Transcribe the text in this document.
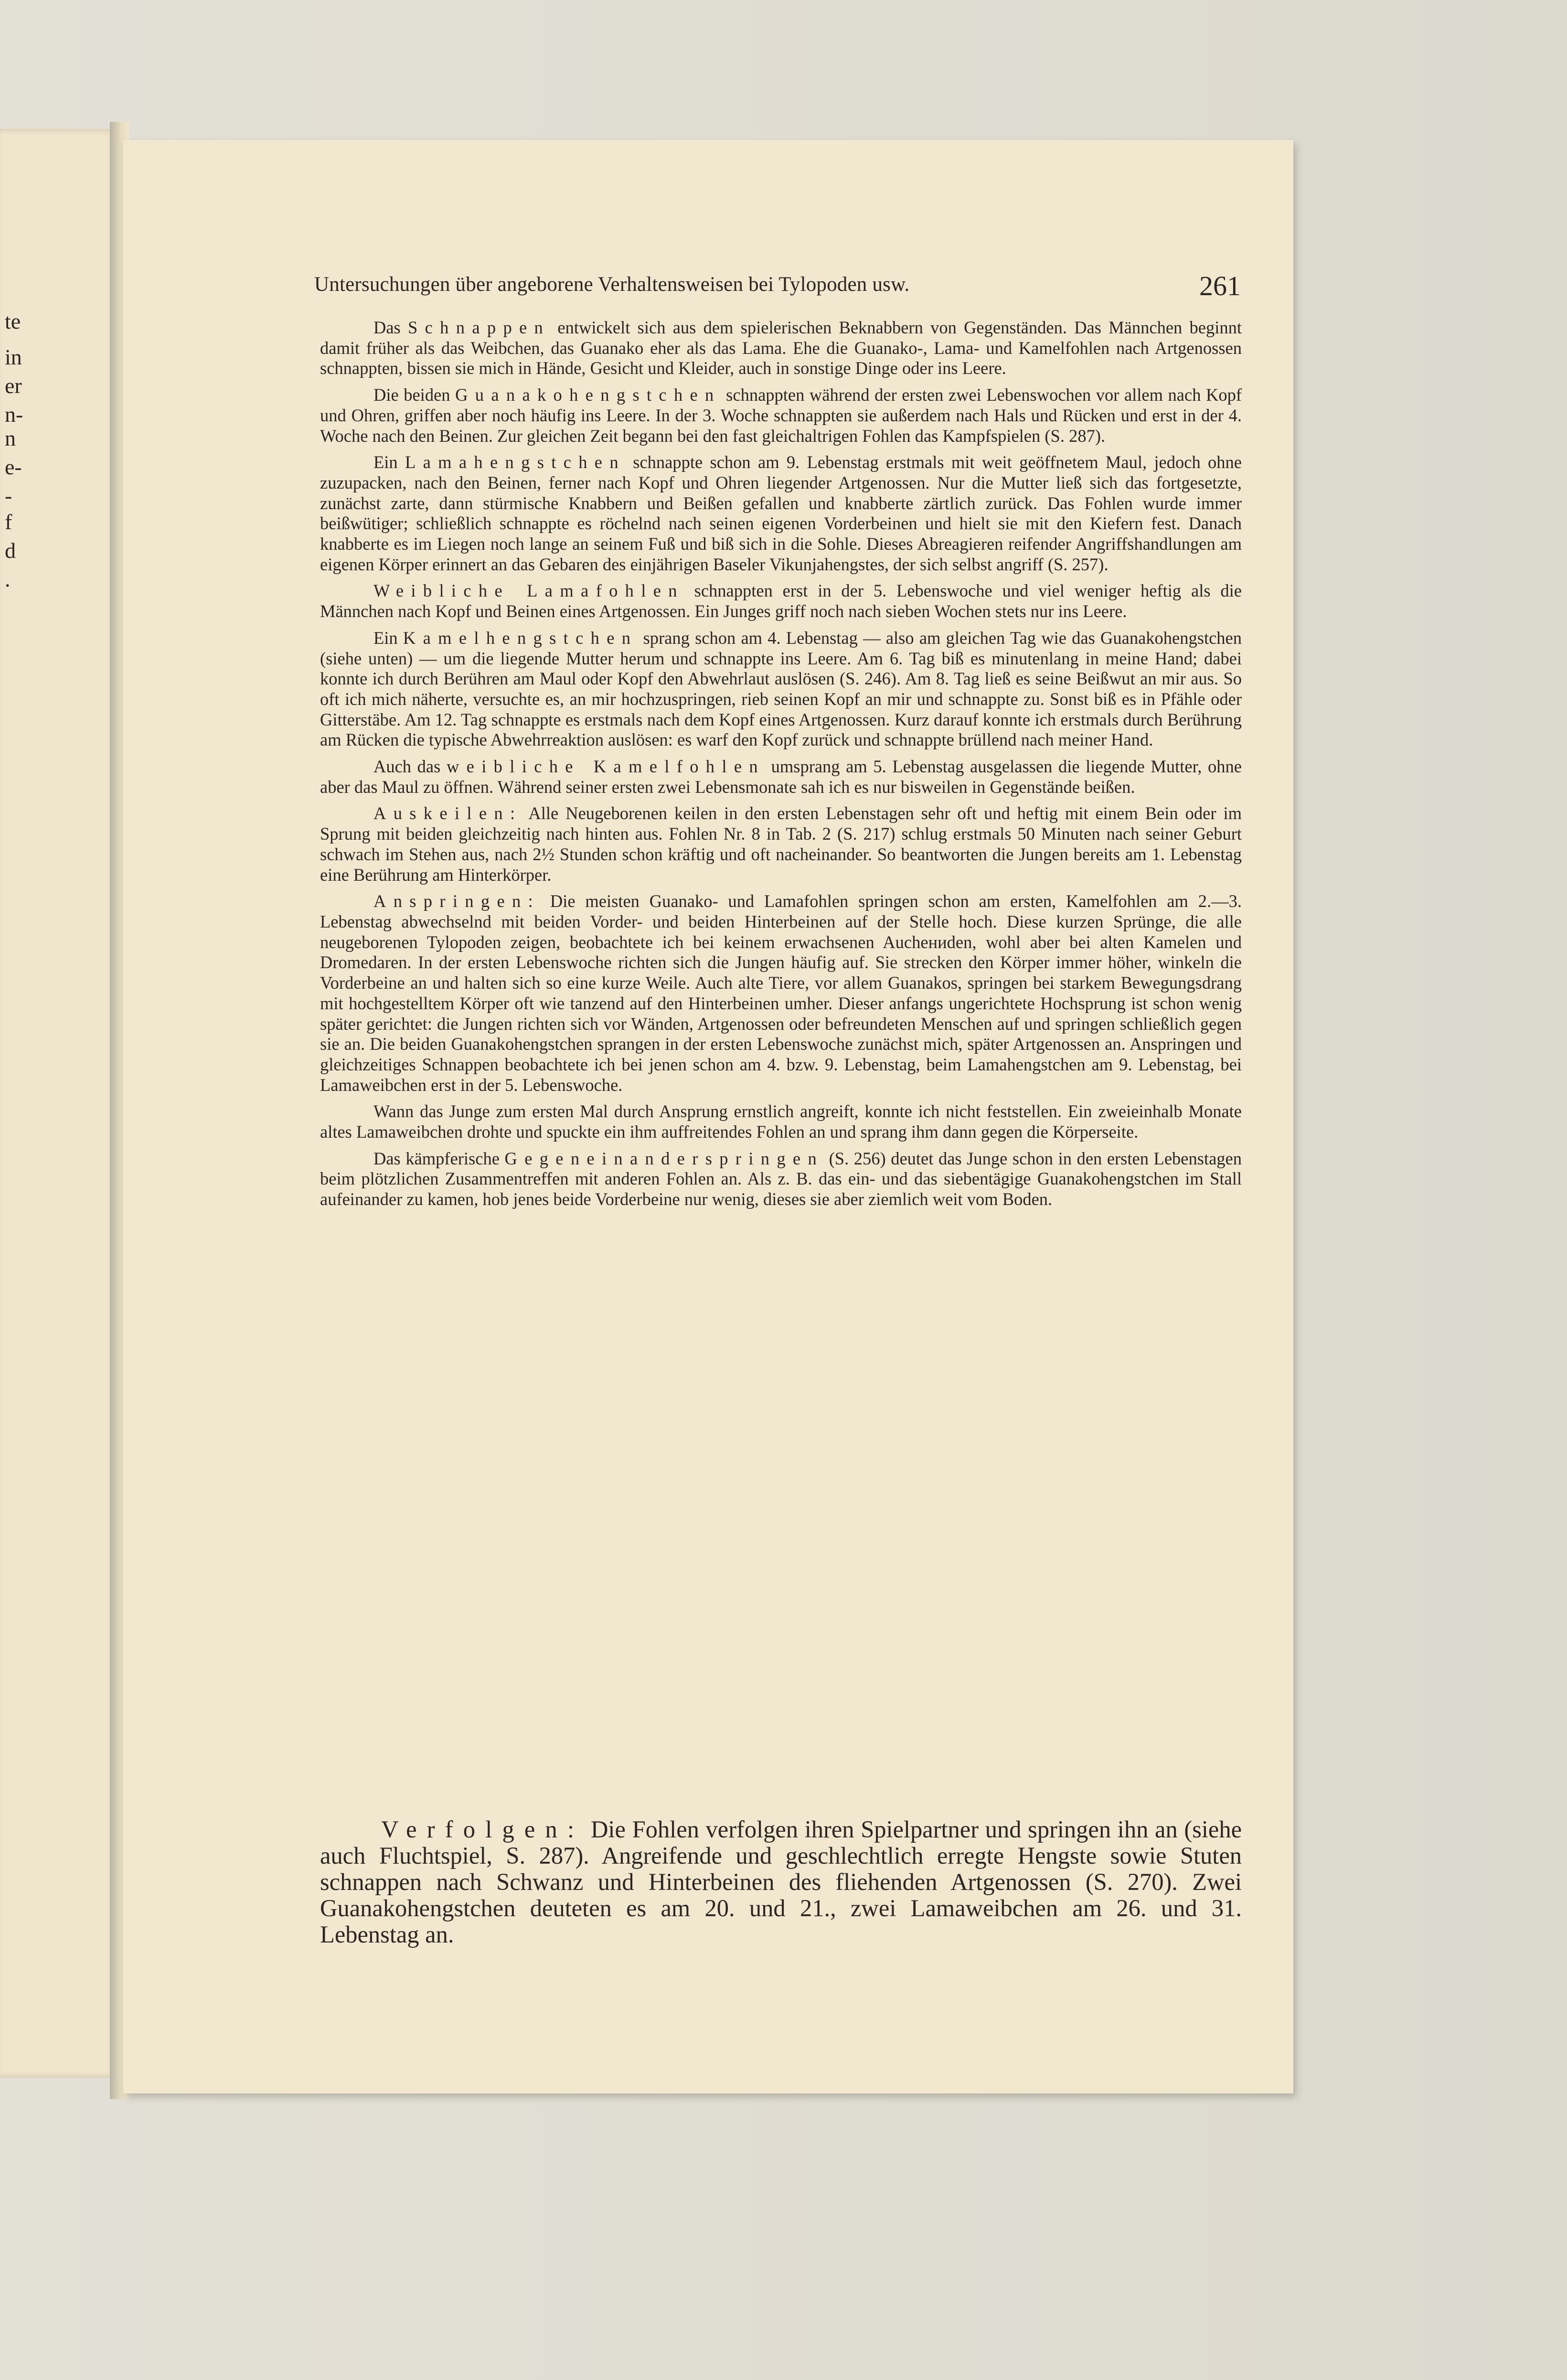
te
in
er
n-
n
e-
-
f
d
.
Untersuchungen über angeborene Verhaltensweisen bei Tylopoden usw.	261

Das Schnappen entwickelt sich aus dem spielerischen Beknabbern von Gegenständen. Das Männchen beginnt damit früher als das Weibchen, das Guanako eher als das Lama. Ehe die Guanako-, Lama- und Kamelfohlen nach Artgenossen schnappten, bissen sie mich in Hände, Gesicht und Kleider, auch in sonstige Dinge oder ins Leere.

Die beiden Guanakohengstchen schnappten während der ersten zwei Lebenswochen vor allem nach Kopf und Ohren, griffen aber noch häufig ins Leere. In der 3. Woche schnappten sie außerdem nach Hals und Rücken und erst in der 4. Woche nach den Beinen. Zur gleichen Zeit begann bei den fast gleichaltrigen Fohlen das Kampfspielen (S. 287).

Ein Lamahengstchen schnappte schon am 9. Lebenstag erstmals mit weit geöffnetem Maul, jedoch ohne zuzupacken, nach den Beinen, ferner nach Kopf und Ohren liegender Artgenossen. Nur die Mutter ließ sich das fortgesetzte, zunächst zarte, dann stürmische Knabbern und Beißen gefallen und knabberte zärtlich zurück. Das Fohlen wurde immer beißwütiger; schließlich schnappte es röchelnd nach seinen eigenen Vorderbeinen und hielt sie mit den Kiefern fest. Danach knabberte es im Liegen noch lange an seinem Fuß und biß sich in die Sohle. Dieses Abreagieren reifender Angriffshandlungen am eigenen Körper erinnert an das Gebaren des einjährigen Baseler Vikunjahengstes, der sich selbst angriff (S. 257).

Weibliche Lamafohlen schnappten erst in der 5. Lebenswoche und viel weniger heftig als die Männchen nach Kopf und Beinen eines Artgenossen. Ein Junges griff noch nach sieben Wochen stets nur ins Leere.

Ein Kamelhengstchen sprang schon am 4. Lebenstag — also am gleichen Tag wie das Guanakohengstchen (siehe unten) — um die liegende Mutter herum und schnappte ins Leere. Am 6. Tag biß es minutenlang in meine Hand; dabei konnte ich durch Berühren am Maul oder Kopf den Abwehrlaut auslösen (S. 246). Am 8. Tag ließ es seine Beißwut an mir aus. So oft ich mich näherte, versuchte es, an mir hochzuspringen, rieb seinen Kopf an mir und schnappte zu. Sonst biß es in Pfähle oder Gitterstäbe. Am 12. Tag schnappte es erstmals nach dem Kopf eines Artgenossen. Kurz darauf konnte ich erstmals durch Berührung am Rücken die typische Abwehrreaktion auslösen: es warf den Kopf zurück und schnappte brüllend nach meiner Hand.

Auch das weibliche Kamelfohlen umsprang am 5. Lebenstag ausgelassen die liegende Mutter, ohne aber das Maul zu öffnen. Während seiner ersten zwei Lebensmonate sah ich es nur bisweilen in Gegenstände beißen.

Auskeilen: Alle Neugeborenen keilen in den ersten Lebenstagen sehr oft und heftig mit einem Bein oder im Sprung mit beiden gleichzeitig nach hinten aus. Fohlen Nr. 8 in Tab. 2 (S. 217) schlug erstmals 50 Minuten nach seiner Geburt schwach im Stehen aus, nach 2½ Stunden schon kräftig und oft nacheinander. So beantworten die Jungen bereits am 1. Lebenstag eine Berührung am Hinterkörper.

Anspringen: Die meisten Guanako- und Lamafohlen springen schon am ersten, Kamelfohlen am 2.—3. Lebenstag abwechselnd mit beiden Vorder- und beiden Hinterbeinen auf der Stelle hoch. Diese kurzen Sprünge, die alle neugeborenen Tylopoden zeigen, beobachtete ich bei keinem erwachsenen Auchениden, wohl aber bei alten Kamelen und Dromedaren. In der ersten Lebenswoche richten sich die Jungen häufig auf. Sie strecken den Körper immer höher, winkeln die Vorderbeine an und halten sich so eine kurze Weile. Auch alte Tiere, vor allem Guanakos, springen bei starkem Bewegungsdrang mit hochgestelltem Körper oft wie tanzend auf den Hinterbeinen umher. Dieser anfangs ungerichtete Hochsprung ist schon wenig später gerichtet: die Jungen richten sich vor Wänden, Artgenossen oder befreundeten Menschen auf und springen schließlich gegen sie an. Die beiden Guanakohengstchen sprangen in der ersten Lebenswoche zunächst mich, später Artgenossen an. Anspringen und gleichzeitiges Schnappen beobachtete ich bei jenen schon am 4. bzw. 9. Lebenstag, beim Lamahengstchen am 9. Lebenstag, bei Lamaweibchen erst in der 5. Lebenswoche.

Wann das Junge zum ersten Mal durch Ansprung ernstlich angreift, konnte ich nicht feststellen. Ein zweieinhalb Monate altes Lamaweibchen drohte und spuckte ein ihm auffreitendes Fohlen an und sprang ihm dann gegen die Körperseite.

Das kämpferische Gegeneinanderspringen (S. 256) deutet das Junge schon in den ersten Lebenstagen beim plötzlichen Zusammentreffen mit anderen Fohlen an. Als z. B. das ein- und das siebentägige Guanakohengstchen im Stall aufeinander zu kamen, hob jenes beide Vorderbeine nur wenig, dieses sie aber ziemlich weit vom Boden.

Verfolgen: Die Fohlen verfolgen ihren Spielpartner und springen ihn an (siehe auch Fluchtspiel, S. 287). Angreifende und geschlechtlich erregte Hengste sowie Stuten schnappen nach Schwanz und Hinterbeinen des fliehenden Artgenossen (S. 270). Zwei Guanakohengstchen deuteten es am 20. und 21., zwei Lamaweibchen am 26. und 31. Lebenstag an.
